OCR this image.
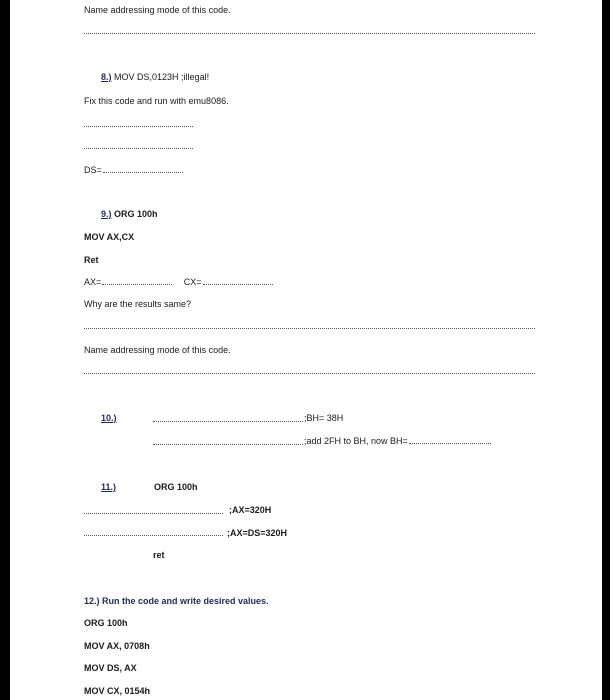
Name addressing mode of this code.
8.) MOV DS,0123H ;illegal!
Fix this code and run with emu8086.
DS=
9.) ORG 100h
MOV AX,CX
Ret
AX=	CX=
Why are the results same?
Name addressing mode of this code.
10.)	;BH= 38H
;add 2FH to BH, now BH=
11.)	ORG 100h
;AX=320H
;AX=DS=320H
ret
12.) Run the code and write desired values.
ORG 100h
MOV AX, 0708h
MOV DS, AX
MOV CX, 0154h
